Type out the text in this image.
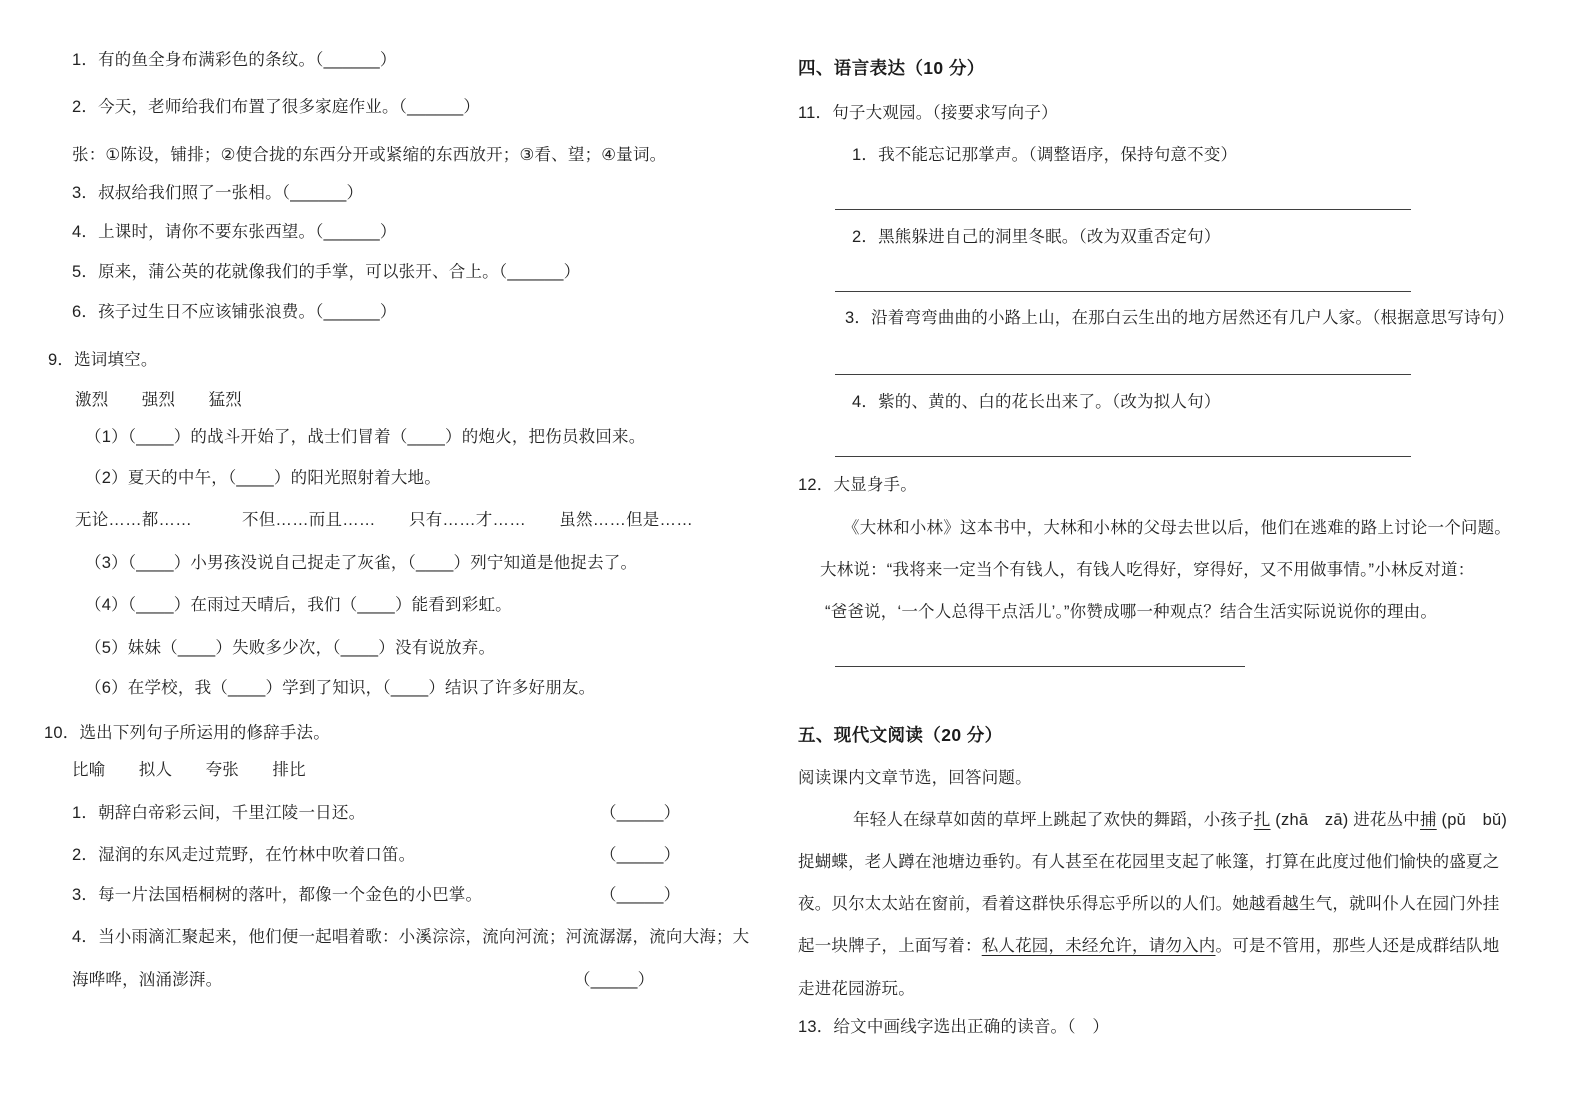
1．有的鱼全身布满彩色的条纹。（______）
2．今天，老师给我们布置了很多家庭作业。（______）
张：①陈设，铺排；②使合拢的东西分开或紧缩的东西放开；③看、望；④量词。
3．叔叔给我们照了一张相。（______）
4．上课时，请你不要东张西望。（______）
5．原来，蒲公英的花就像我们的手掌，可以张开、合上。（______）
6．孩子过生日不应该铺张浪费。（______）
9．选词填空。
激烈　　强烈　　猛烈
（1）（____）的战斗开始了，战士们冒着（____）的炮火，把伤员救回来。
（2）夏天的中午，（____）的阳光照射着大地。
无论……都……　　　不但……而且……　　只有……才……　　虽然……但是……
（3）（____）小男孩没说自己捉走了灰雀，（____）列宁知道是他捉去了。
（4）（____）在雨过天晴后，我们（____）能看到彩虹。
（5）妹妹（____）失败多少次，（____）没有说放弃。
（6）在学校，我（____）学到了知识，（____）结识了许多好朋友。
10．选出下列句子所运用的修辞手法。
比喻　　拟人　　夸张　　排比
1．朝辞白帝彩云间，千里江陵一日还。	（_____）
2．湿润的东风走过荒野，在竹林中吹着口笛。	（_____）
3．每一片法国梧桐树的落叶，都像一个金色的小巴掌。	（_____）
4．当小雨滴汇聚起来，他们便一起唱着歌：小溪淙淙，流向河流；河流潺潺，流向大海；大
海哗哗，汹涌澎湃。	（_____）
四、语言表达（10 分）
11．句子大观园。（接要求写向子）
1．我不能忘记那掌声。（调整语序，保持句意不变）
2．黑熊躲进自己的洞里冬眠。（改为双重否定句）
3．沿着弯弯曲曲的小路上山，在那白云生出的地方居然还有几户人家。（根据意思写诗句）
4．紫的、黄的、白的花长出来了。（改为拟人句）
12．大显身手。
《大林和小林》这本书中，大林和小林的父母去世以后，他们在逃难的路上讨论一个问题。
大林说：“我将来一定当个有钱人，有钱人吃得好，穿得好，又不用做事情。”小林反对道：
“爸爸说，‘一个人总得干点活儿’。”你赞成哪一种观点？结合生活实际说说你的理由。
五、现代文阅读（20 分）
阅读课内文章节选，回答问题。
年轻人在绿草如茵的草坪上跳起了欢快的舞蹈，小孩子扎 (zhā　zā) 进花丛中捕 (pǔ　bǔ)
捉蝴蝶，老人蹲在池塘边垂钓。有人甚至在花园里支起了帐篷，打算在此度过他们愉快的盛夏之
夜。贝尔太太站在窗前，看着这群快乐得忘乎所以的人们。她越看越生气，就叫仆人在园门外挂
起一块牌子，上面写着：私人花园，未经允许，请勿入内。可是不管用，那些人还是成群结队地
走进花园游玩。
13．给文中画线字选出正确的读音。（　）
